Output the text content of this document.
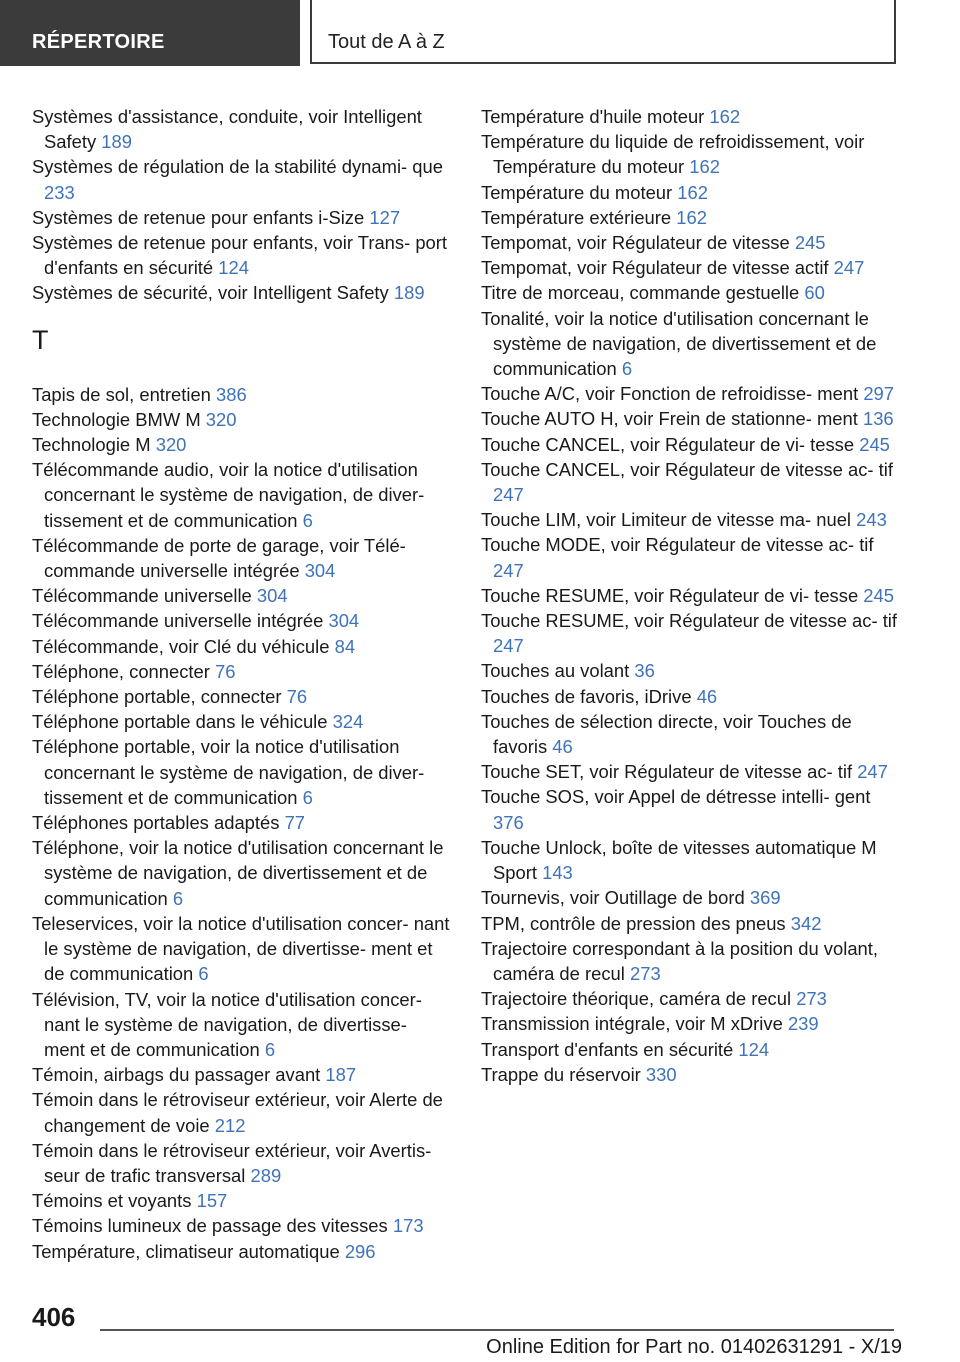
RÉPERTOIRE	Tout de A à Z
Systèmes d'assistance, conduite, voir Intelligent Safety 189
Systèmes de régulation de la stabilité dynami- que 233
Systèmes de retenue pour enfants i-Size 127
Systèmes de retenue pour enfants, voir Trans- port d'enfants en sécurité 124
Systèmes de sécurité, voir Intelligent Safety 189
T
Tapis de sol, entretien 386
Technologie BMW M 320
Technologie M 320
Télécommande audio, voir la notice d'utilisation concernant le système de navigation, de diver- tissement et de communication 6
Télécommande de porte de garage, voir Télé- commande universelle intégrée 304
Télécommande universelle 304
Télécommande universelle intégrée 304
Télécommande, voir Clé du véhicule 84
Téléphone, connecter 76
Téléphone portable, connecter 76
Téléphone portable dans le véhicule 324
Téléphone portable, voir la notice d'utilisation concernant le système de navigation, de diver- tissement et de communication 6
Téléphones portables adaptés 77
Téléphone, voir la notice d'utilisation concernant le système de navigation, de divertissement et de communication 6
Teleservices, voir la notice d'utilisation concer- nant le système de navigation, de divertisse- ment et de communication 6
Télévision, TV, voir la notice d'utilisation concer- nant le système de navigation, de divertisse- ment et de communication 6
Témoin, airbags du passager avant 187
Témoin dans le rétroviseur extérieur, voir Alerte de changement de voie 212
Témoin dans le rétroviseur extérieur, voir Avertis- seur de trafic transversal 289
Témoins et voyants 157
Témoins lumineux de passage des vitesses 173
Température, climatiseur automatique 296
Température d'huile moteur 162
Température du liquide de refroidissement, voir Température du moteur 162
Température du moteur 162
Température extérieure 162
Tempomat, voir Régulateur de vitesse 245
Tempomat, voir Régulateur de vitesse actif 247
Titre de morceau, commande gestuelle 60
Tonalité, voir la notice d'utilisation concernant le système de navigation, de divertissement et de communication 6
Touche A/C, voir Fonction de refroidisse- ment 297
Touche AUTO H, voir Frein de stationne- ment 136
Touche CANCEL, voir Régulateur de vi- tesse 245
Touche CANCEL, voir Régulateur de vitesse ac- tif 247
Touche LIM, voir Limiteur de vitesse ma- nuel 243
Touche MODE, voir Régulateur de vitesse ac- tif 247
Touche RESUME, voir Régulateur de vi- tesse 245
Touche RESUME, voir Régulateur de vitesse ac- tif 247
Touches au volant 36
Touches de favoris, iDrive 46
Touches de sélection directe, voir Touches de favoris 46
Touche SET, voir Régulateur de vitesse ac- tif 247
Touche SOS, voir Appel de détresse intelli- gent 376
Touche Unlock, boîte de vitesses automatique M Sport 143
Tournevis, voir Outillage de bord 369
TPM, contrôle de pression des pneus 342
Trajectoire correspondant à la position du volant, caméra de recul 273
Trajectoire théorique, caméra de recul 273
Transmission intégrale, voir M xDrive 239
Transport d'enfants en sécurité 124
Trappe du réservoir 330
406
Online Edition for Part no. 01402631291 - X/19
